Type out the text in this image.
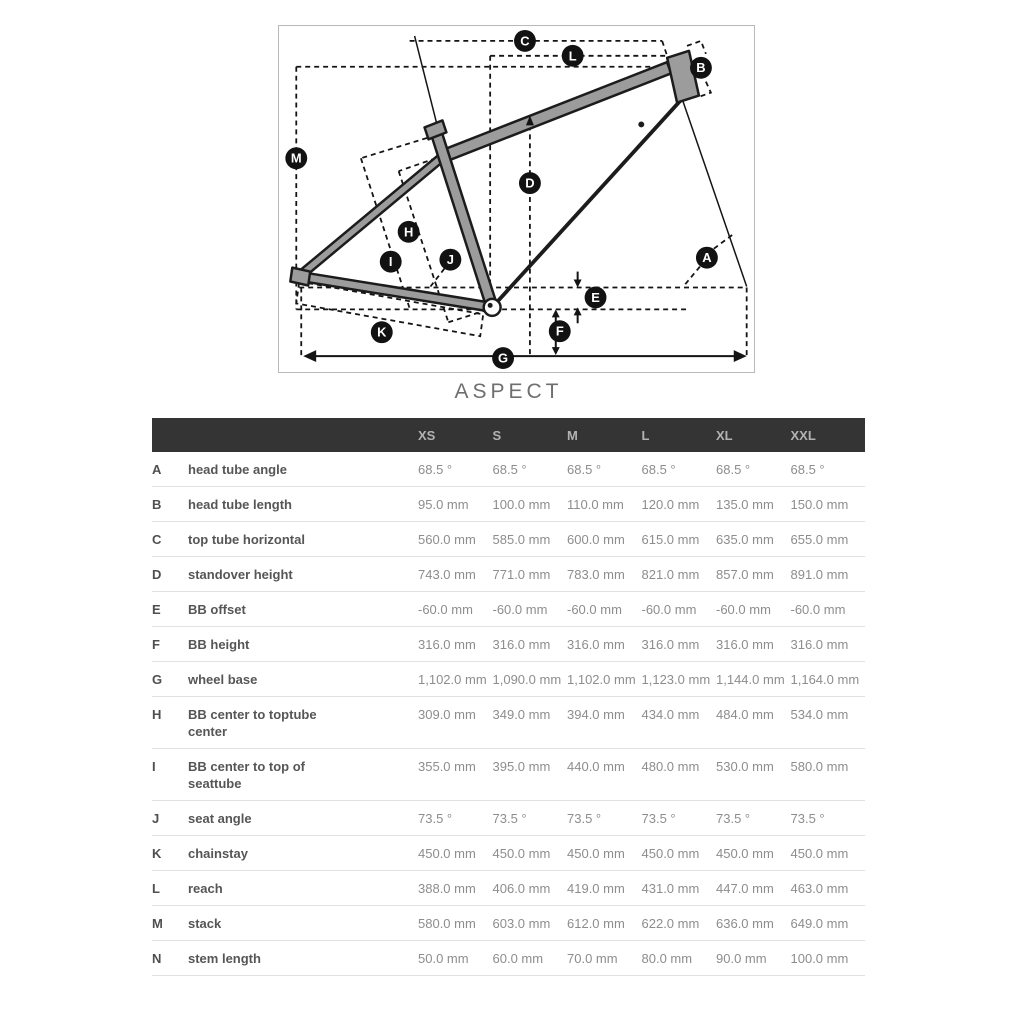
A
B
C
D
E
F
G
H
I	J
K
L
M
ASPECT
		XS	S	M	L	XL	XXL
A	head tube angle	68.5 °	68.5 °	68.5 °	68.5 °	68.5 °	68.5 °
B	head tube length	95.0 mm	100.0 mm	110.0 mm	120.0 mm	135.0 mm	150.0 mm
C	top tube horizontal	560.0 mm	585.0 mm	600.0 mm	615.0 mm	635.0 mm	655.0 mm
D	standover height	743.0 mm	771.0 mm	783.0 mm	821.0 mm	857.0 mm	891.0 mm
E	BB offset	-60.0 mm	-60.0 mm	-60.0 mm	-60.0 mm	-60.0 mm	-60.0 mm
F	BB height	316.0 mm	316.0 mm	316.0 mm	316.0 mm	316.0 mm	316.0 mm
G	wheel base	1,102.0 mm	1,090.0 mm	1,102.0 mm	1,123.0 mm	1,144.0 mm	1,164.0 mm
H	BB center to toptube center	309.0 mm	349.0 mm	394.0 mm	434.0 mm	484.0 mm	534.0 mm
I	BB center to top of seattube	355.0 mm	395.0 mm	440.0 mm	480.0 mm	530.0 mm	580.0 mm
J	seat angle	73.5 °	73.5 °	73.5 °	73.5 °	73.5 °	73.5 °
K	chainstay	450.0 mm	450.0 mm	450.0 mm	450.0 mm	450.0 mm	450.0 mm
L	reach	388.0 mm	406.0 mm	419.0 mm	431.0 mm	447.0 mm	463.0 mm
M	stack	580.0 mm	603.0 mm	612.0 mm	622.0 mm	636.0 mm	649.0 mm
N	stem length	50.0 mm	60.0 mm	70.0 mm	80.0 mm	90.0 mm	100.0 mm
